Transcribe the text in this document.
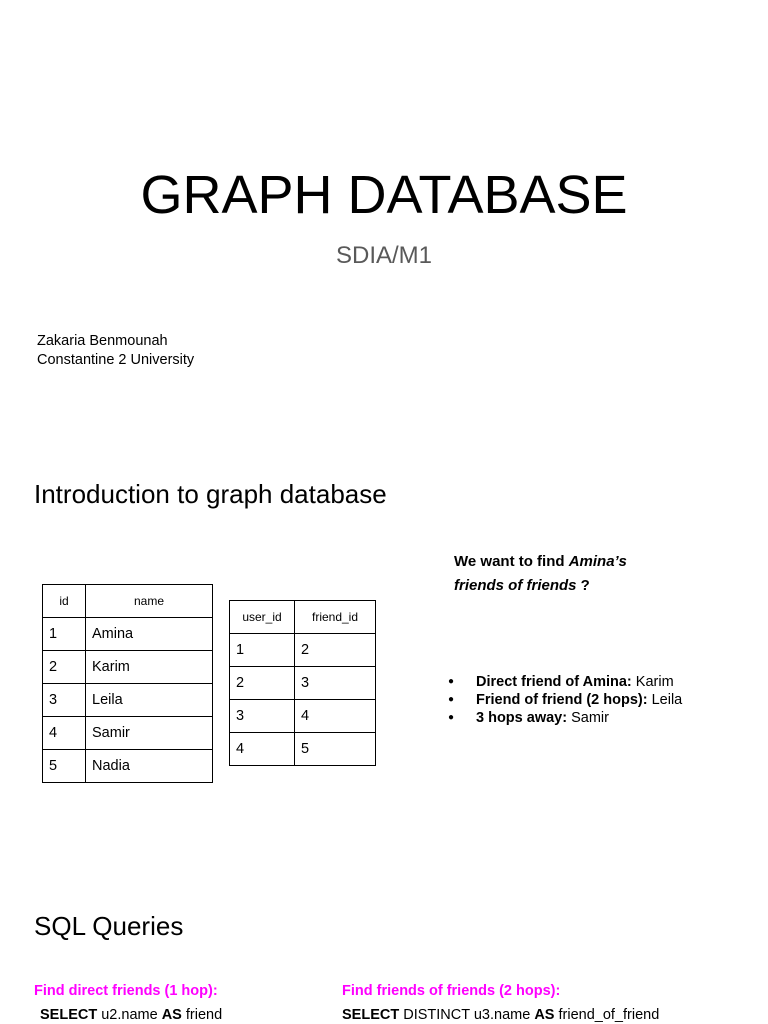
GRAPH DATABASE
SDIA/M1
Zakaria Benmounah
Constantine 2 University
Introduction to graph database
id	name
1	Amina
2	Karim
3	Leila
4	Samir
5	Nadia
user_id	friend_id
1	2
2	3
3	4
4	5
We want to find Amina’s
friends of friends ?
● Direct friend of Amina: Karim
● Friend of friend (2 hops): Leila
● 3 hops away: Samir
SQL Queries
Find direct friends (1 hop):	Find friends of friends (2 hops):
SELECT u2.name AS friend	SELECT DISTINCT u3.name AS friend_of_friend
